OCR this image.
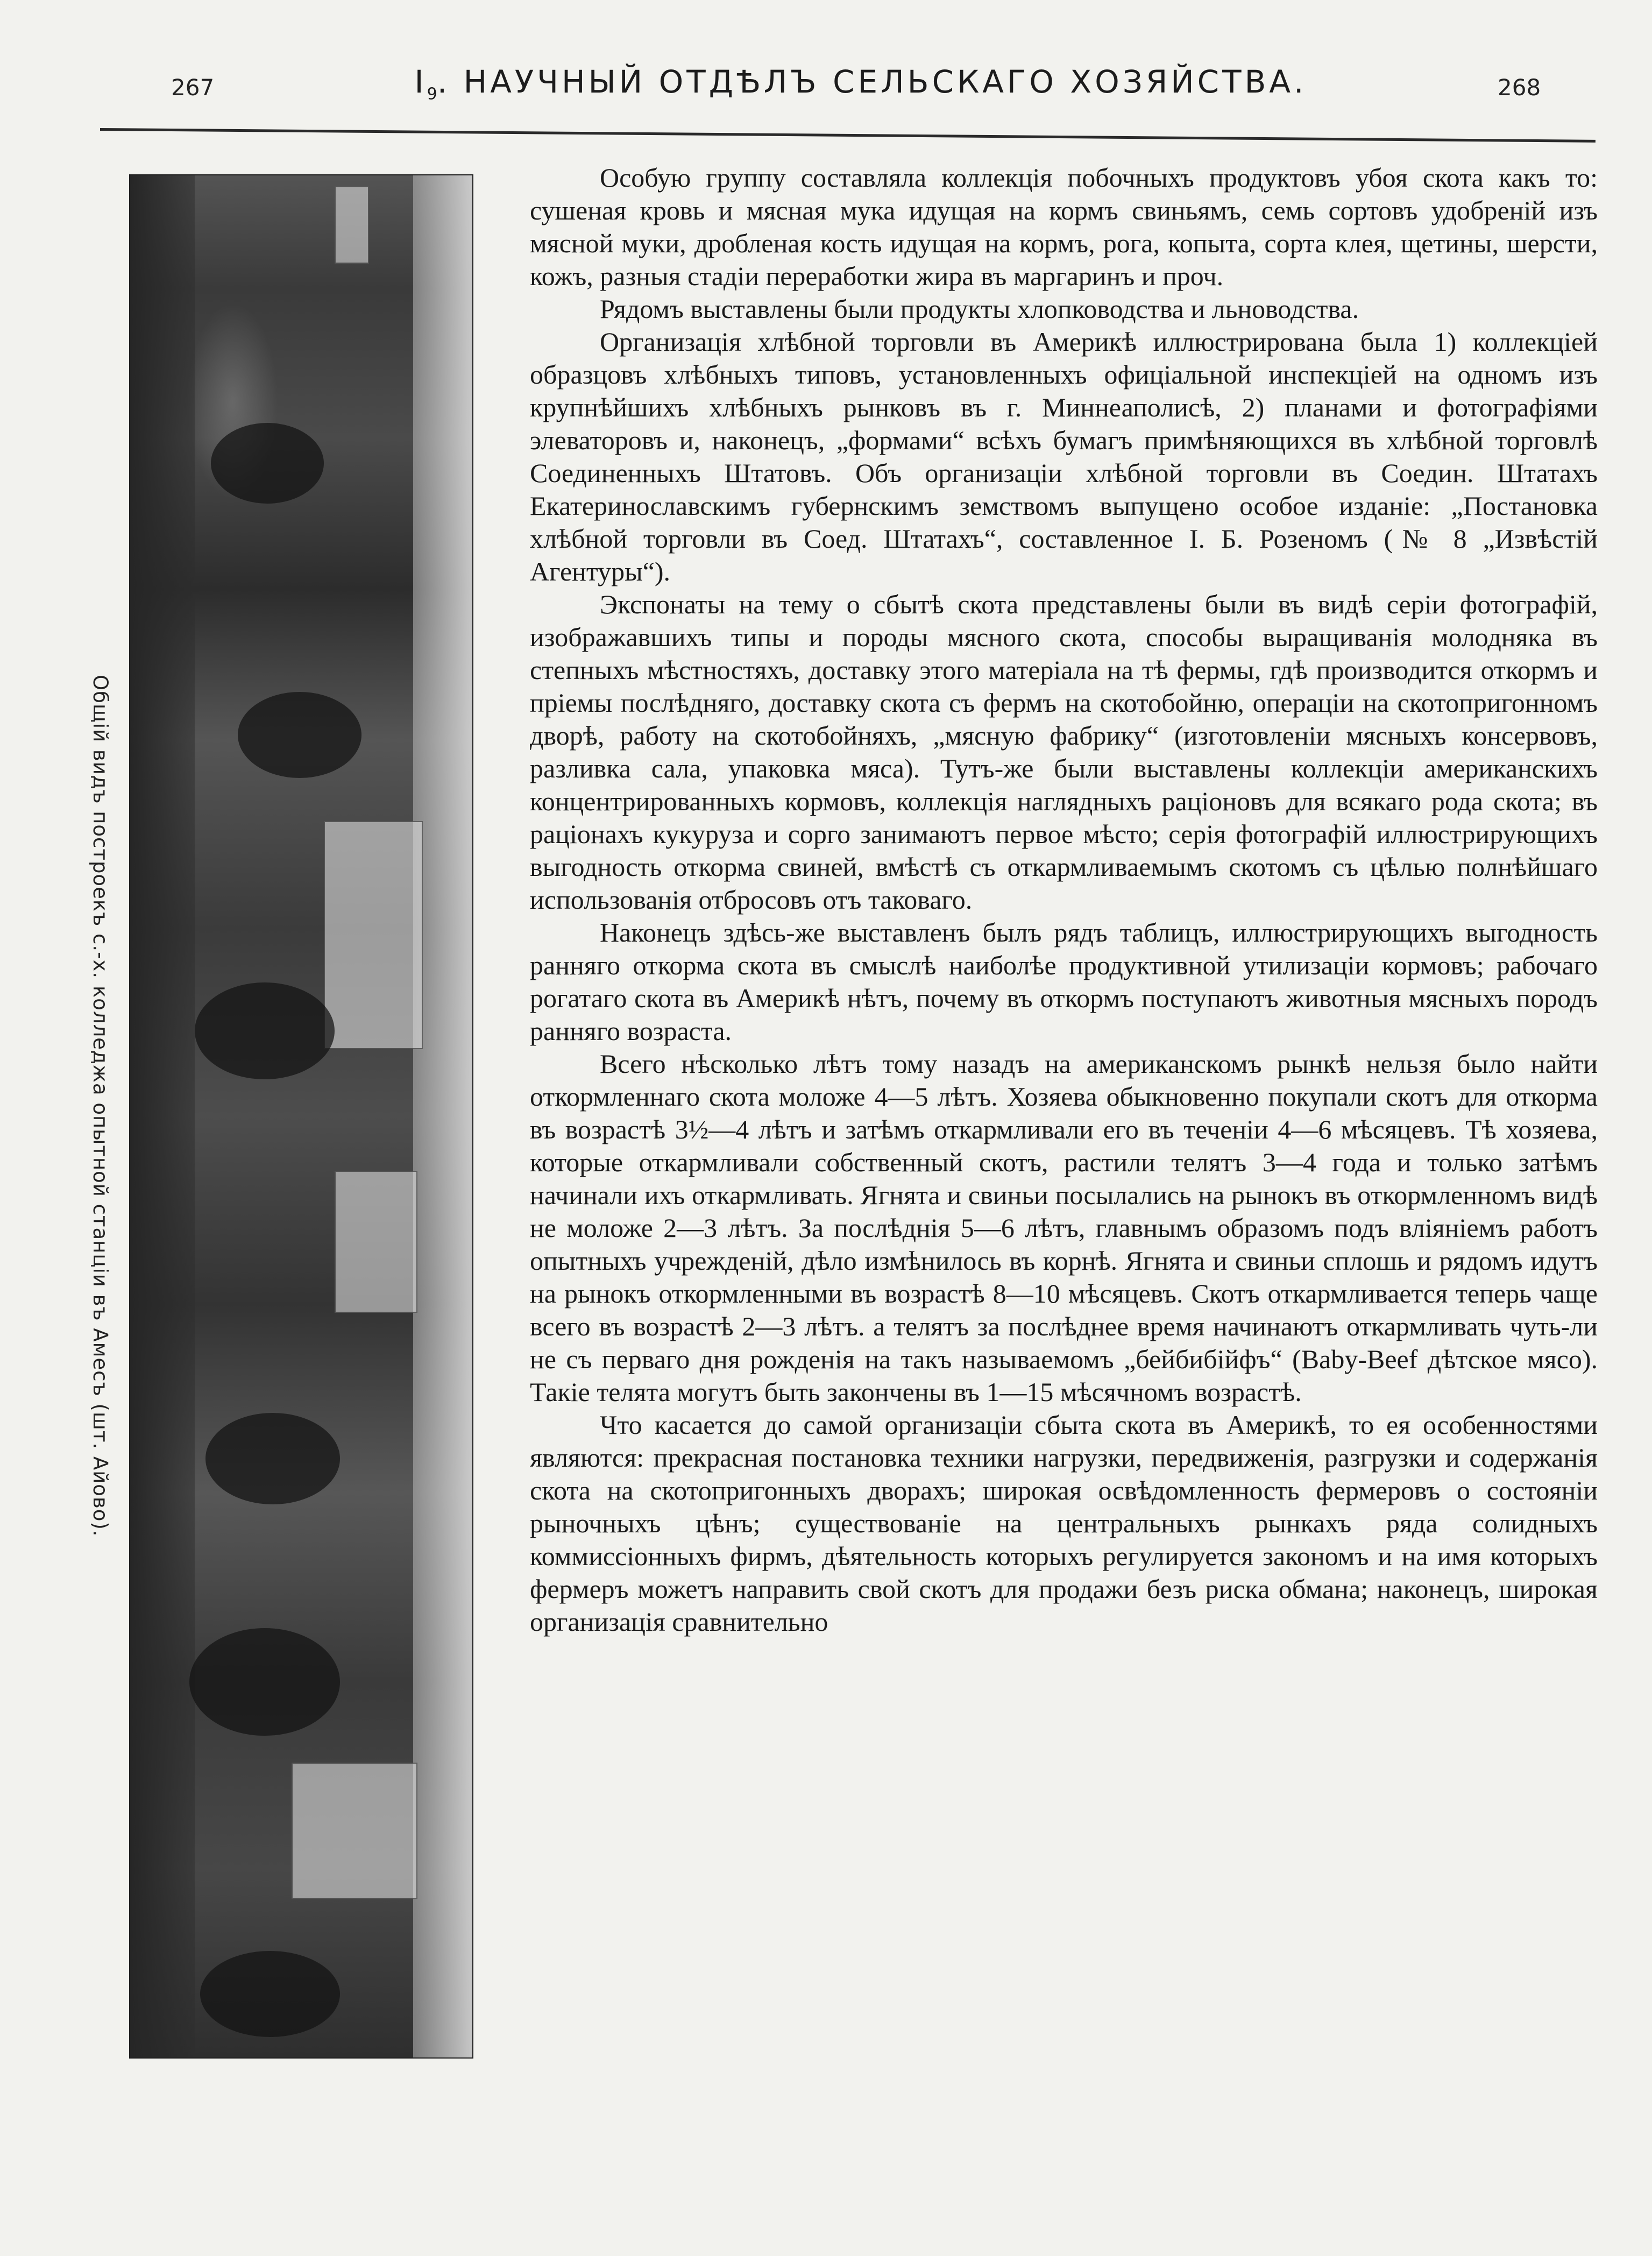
267	$I_9$. НАУЧНЫЙ ОТДѢЛЪ СЕЛЬСКАГО ХОЗЯЙСТВА.	268
Общій видъ построекъ с.-х. колледжа опытной станціи въ Амесъ (шт. Айово).

Особую группу составляла коллекція побочныхъ продуктовъ убоя скота какъ то: сушеная кровь и мясная мука идущая на кормъ свиньямъ, семь сортовъ удобреній изъ мясной муки, дробленая кость идущая на кормъ, рога, копыта, сорта клея, щетины, шерсти, кожъ, разныя стадіи переработки жира въ маргаринъ и проч.

Рядомъ выставлены были продукты хлопководства и льноводства.

Организація хлѣбной торговли въ Америкѣ иллюстрирована была 1) коллекціей образцовъ хлѣбныхъ типовъ, установленныхъ офиціальной инспекціей на одномъ изъ крупнѣйшихъ хлѣбныхъ рынковъ въ г. Миннеаполисѣ, 2) планами и фотографіями элеваторовъ и, наконецъ, „формами“ всѣхъ бумагъ примѣняющихся въ хлѣбной торговлѣ Соединенныхъ Штатовъ. Объ организаціи хлѣбной торговли въ Соедин. Штатахъ Екатеринославскимъ губернскимъ земствомъ выпущено особое изданіе: „Постановка хлѣбной торговли въ Соед. Штатахъ“, составленное I. Б. Розеномъ (№ 8 „Извѣстій Агентуры“).

Экспонаты на тему о сбытѣ скота представлены были въ видѣ серіи фотографій, изображавшихъ типы и породы мясного скота, способы выращиванія молодняка въ степныхъ мѣстностяхъ, доставку этого матеріала на тѣ фермы, гдѣ производится откормъ и пріемы послѣдняго, доставку скота съ фермъ на скотобойню, операціи на скотопригонномъ дворѣ, работу на скотобойняхъ, „мясную фабрику“ (изготовленіи мясныхъ консервовъ, разливка сала, упаковка мяса). Тутъ-же были выставлены коллекціи американскихъ концентрированныхъ кормовъ, коллекція наглядныхъ раціоновъ для всякаго рода скота; въ раціонахъ кукуруза и сорго занимаютъ первое мѣсто; серія фотографій иллюстрирующихъ выгодность откорма свиней, вмѣстѣ съ откармливаемымъ скотомъ съ цѣлью полнѣйшаго использованія отбросовъ отъ таковаго.

Наконецъ здѣсь-же выставленъ былъ рядъ таблицъ, иллюстрирующихъ выгодность ранняго откорма скота въ смыслѣ наиболѣе продуктивной утилизаціи кормовъ; рабочаго рогатаго скота въ Америкѣ нѣтъ, почему въ откормъ поступаютъ животныя мясныхъ породъ ранняго возраста.

Всего нѣсколько лѣтъ тому назадъ на американскомъ рынкѣ нельзя было найти откормленнаго скота моложе 4—5 лѣтъ. Хозяева обыкновенно покупали скотъ для откорма въ возрастѣ 3½—4 лѣтъ и затѣмъ откармливали его въ теченіи 4—6 мѣсяцевъ. Тѣ хозяева, которые откармливали собственный скотъ, растили телятъ 3—4 года и только затѣмъ начинали ихъ откармливать. Ягнята и свиньи посылались на рынокъ въ откормленномъ видѣ не моложе 2—3 лѣтъ. За послѣднія 5—6 лѣтъ, главнымъ образомъ подъ вліяніемъ работъ опытныхъ учрежденій, дѣло измѣнилось въ корнѣ. Ягнята и свиньи сплошь и рядомъ идутъ на рынокъ откормленными въ возрастѣ 8—10 мѣсяцевъ. Скотъ откармливается теперь чаще всего въ возрастѣ 2—3 лѣтъ. а телятъ за послѣднее время начинаютъ откармливать чуть-ли не съ перваго дня рожденія на такъ называемомъ „бейбибійфъ“ (Baby-Beef дѣтское мясо). Такіе телята могутъ быть закончены въ 1—15 мѣсячномъ возрастѣ.

Что касается до самой организаціи сбыта скота въ Америкѣ, то ея особенностями являются: прекрасная постановка техники нагрузки, передвиженія, разгрузки и содержанія скота на скотопригонныхъ дворахъ; широкая освѣдомленность фермеровъ о состояніи рыночныхъ цѣнъ; существованіе на центральныхъ рынкахъ ряда солидныхъ коммиссіонныхъ фирмъ, дѣятельность которыхъ регулируется закономъ и на имя которыхъ фермеръ можетъ направить свой скотъ для продажи безъ риска обмана; наконецъ, широкая организація сравнительно
